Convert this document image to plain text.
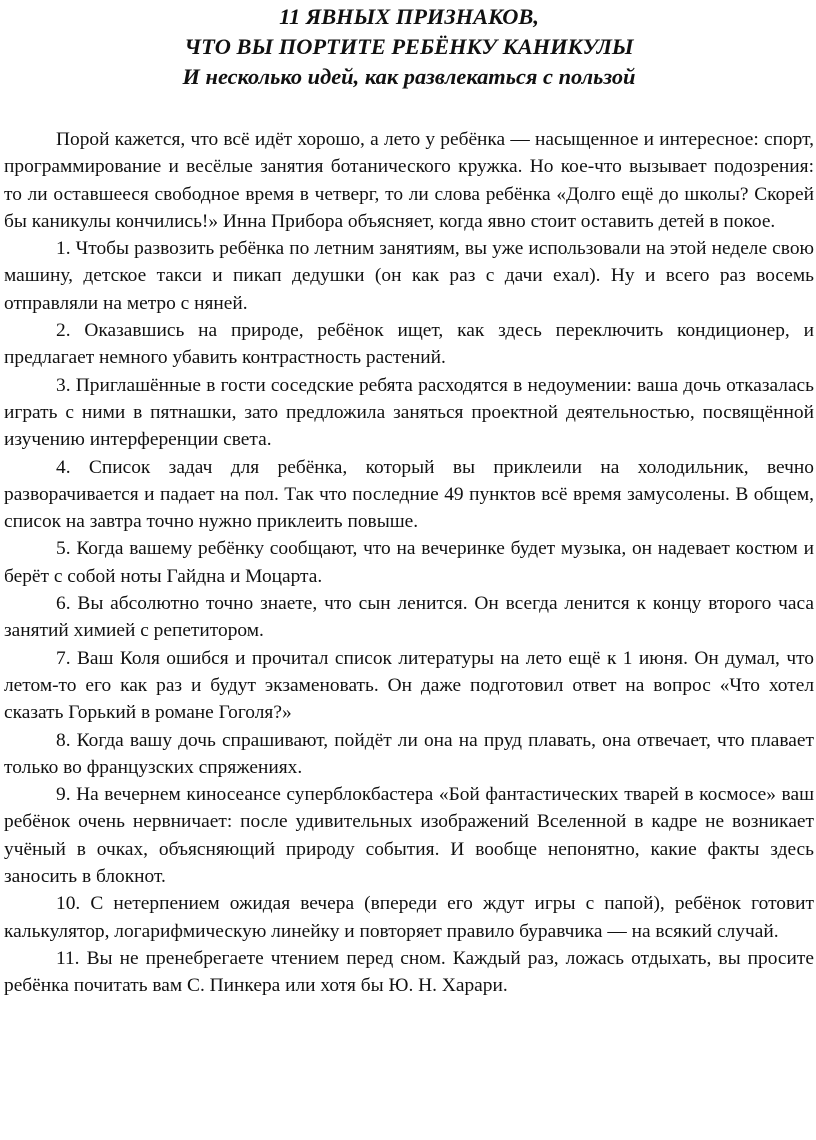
11 ЯВНЫХ ПРИЗНАКОВ,
ЧТО ВЫ ПОРТИТЕ РЕБЁНКУ КАНИКУЛЫ
И несколько идей, как развлекаться с пользой

Порой кажется, что всё идёт хорошо, а лето у ребёнка — насыщенное и интересное: спорт, программирование и весёлые занятия ботанического кружка. Но кое-что вызывает подозрения: то ли оставшееся свободное время в четверг, то ли слова ребёнка «Долго ещё до школы? Скорей бы каникулы кончились!» Инна Прибора объясняет, когда явно стоит оставить детей в покое.

1. Чтобы развозить ребёнка по летним занятиям, вы уже использовали на этой неделе свою машину, детское такси и пикап дедушки (он как раз с дачи ехал). Ну и всего раз восемь отправляли на метро с няней.

2. Оказавшись на природе, ребёнок ищет, как здесь переключить кондиционер, и предлагает немного убавить контрастность растений.

3. Приглашённые в гости соседские ребята расходятся в недоумении: ваша дочь отказалась играть с ними в пятнашки, зато предложила заняться проектной деятельностью, посвящённой изучению интерференции света.

4. Список задач для ребёнка, который вы приклеили на холодильник, вечно разворачивается и падает на пол. Так что последние 49 пунктов всё время замусолены. В общем, список на завтра точно нужно приклеить повыше.

5. Когда вашему ребёнку сообщают, что на вечеринке будет музыка, он надевает костюм и берёт с собой ноты Гайдна и Моцарта.

6. Вы абсолютно точно знаете, что сын ленится. Он всегда ленится к концу второго часа занятий химией с репетитором.

7. Ваш Коля ошибся и прочитал список литературы на лето ещё к 1 июня. Он думал, что летом-то его как раз и будут экзаменовать. Он даже подготовил ответ на вопрос «Что хотел сказать Горький в романе Гоголя?»

8. Когда вашу дочь спрашивают, пойдёт ли она на пруд плавать, она отвечает, что плавает только во французских спряжениях.

9. На вечернем киносеансе суперблокбастера «Бой фантастических тварей в космосе» ваш ребёнок очень нервничает: после удивительных изображений Вселенной в кадре не возникает учёный в очках, объясняющий природу события. И вообще непонятно, какие факты здесь заносить в блокнот.

10. С нетерпением ожидая вечера (впереди его ждут игры с папой), ребёнок готовит калькулятор, логарифмическую линейку и повторяет правило буравчика — на всякий случай.

11. Вы не пренебрегаете чтением перед сном. Каждый раз, ложась отдыхать, вы просите ребёнка почитать вам С. Пинкера или хотя бы Ю. Н. Харари.
